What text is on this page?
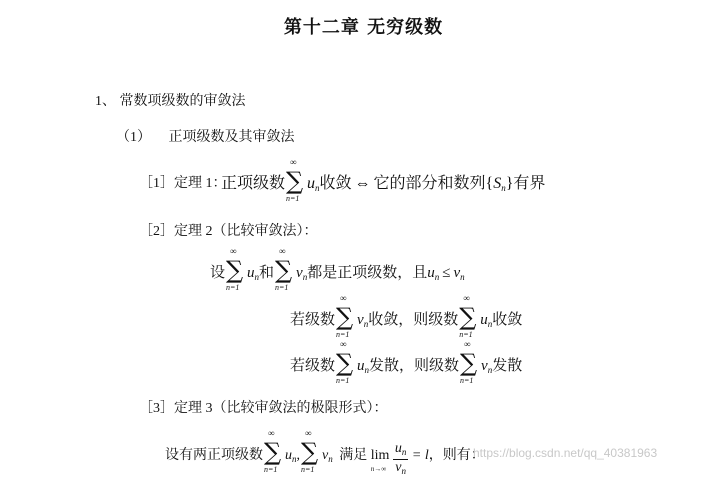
第十二章 无穷级数
1、 常数项级数的审敛法
（1） 正项级数及其审敛法
［1］定理 1：
正项级数 ∑
∞
n=1
$u_n$收敛 ⇔ 它的部分和数列$\{S_n\}$有界
［2］定理 2（比较审敛法）：
设 ∑
∞
n=1
$u_n$和 ∑
∞
n=1
$v_n$都是正项级数，且$u_n \le v_n$
若级数 ∑
∞
n=1
$v_n$收敛，则级数 ∑
∞
n=1
$u_n$收敛
若级数 ∑
∞
n=1
$u_n$发散，则级数 ∑
∞
n=1
$v_n$发散
［3］定理 3（比较审敛法的极限形式）：
设有两正项级数 ∑
∞
n=1
$u_n$, ∑
∞
n=1
$v_n$ 满足 lim
n→∞
$\frac{u_n}{v_n} = l$，则有：
https://blog.csdn.net/qq_40381963
